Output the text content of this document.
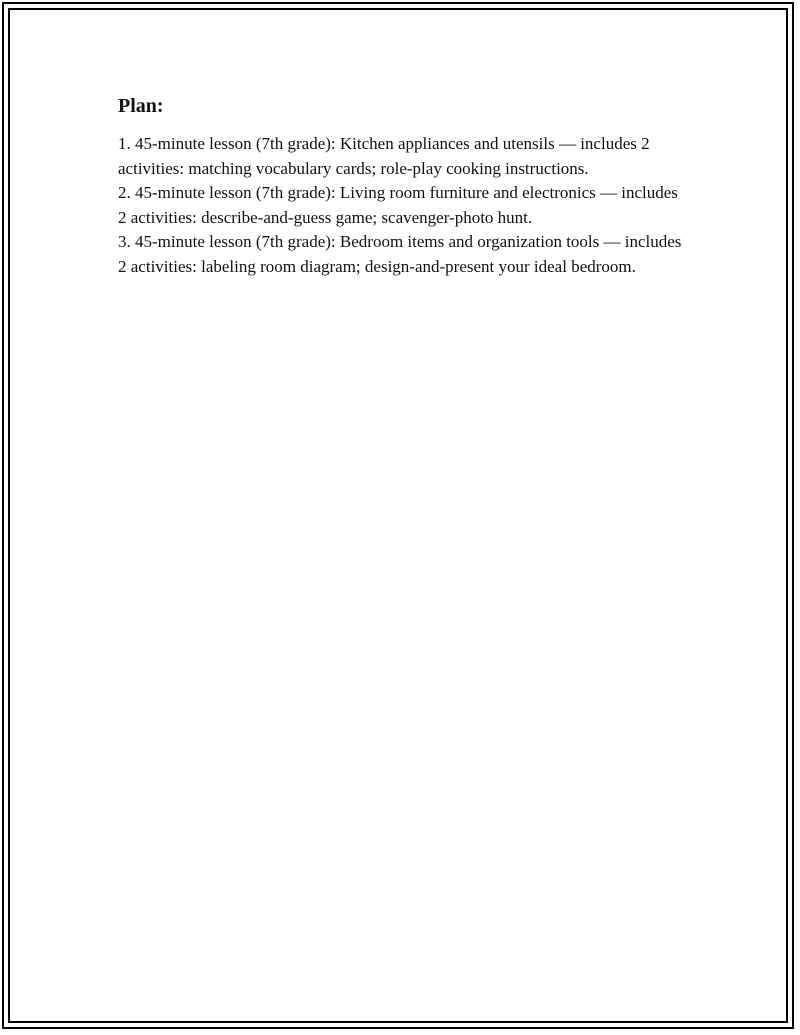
Plan:
1. 45-minute lesson (7th grade): Kitchen appliances and utensils — includes 2 activities: matching vocabulary cards; role-play cooking instructions.
2. 45-minute lesson (7th grade): Living room furniture and electronics — includes 2 activities: describe-and-guess game; scavenger-photo hunt.
3. 45-minute lesson (7th grade): Bedroom items and organization tools — includes 2 activities: labeling room diagram; design-and-present your ideal bedroom.
